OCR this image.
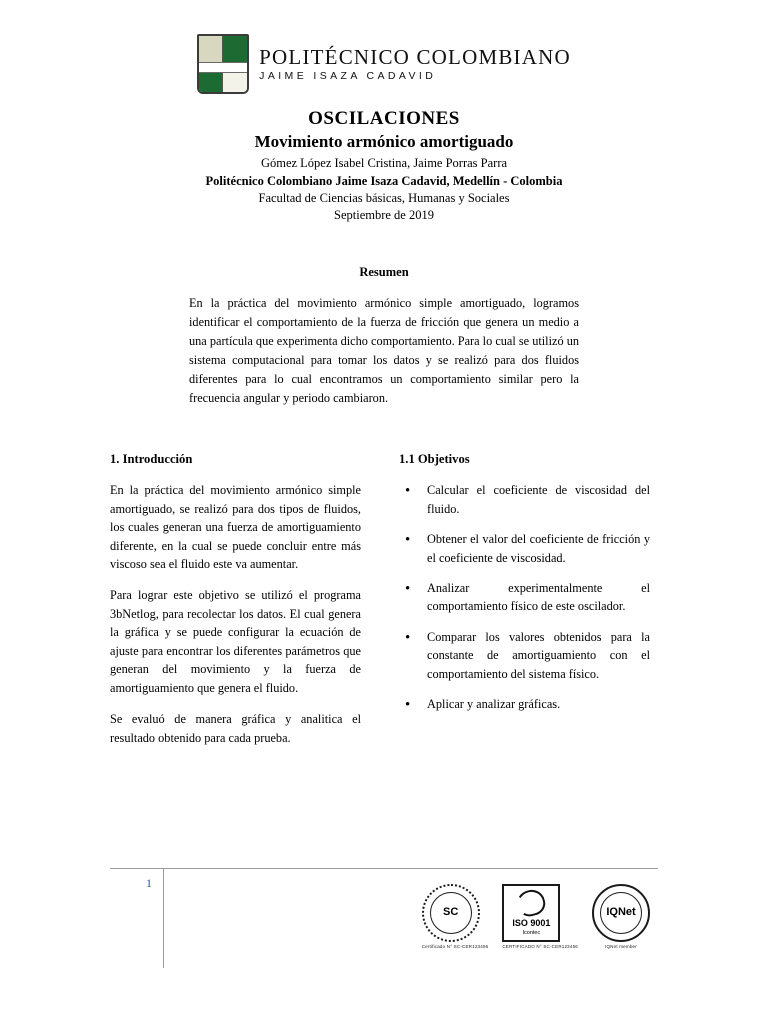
POLITÉCNICO COLOMBIANO
JAIME ISAZA CADAVID
OSCILACIONES
Movimiento armónico amortiguado
Gómez López Isabel Cristina, Jaime Porras Parra
Politécnico Colombiano Jaime Isaza Cadavid, Medellín - Colombia
Facultad de Ciencias básicas, Humanas y Sociales
Septiembre de 2019
Resumen
En la práctica del movimiento armónico simple amortiguado, logramos identificar el comportamiento de la fuerza de fricción que genera un medio a una partícula que experimenta dicho comportamiento. Para lo cual se utilizó un sistema computacional para tomar los datos y se realizó para dos fluidos diferentes para lo cual encontramos un comportamiento similar pero la frecuencia angular y periodo cambiaron.
1. Introducción

En la práctica del movimiento armónico simple amortiguado, se realizó para dos tipos de fluidos, los cuales generan una fuerza de amortiguamiento diferente, en la cual se puede concluir entre más viscoso sea el fluido este va aumentar.

Para lograr este objetivo se utilizó el programa 3bNetlog, para recolectar los datos. El cual genera la gráfica y se puede configurar la ecuación de ajuste para encontrar los diferentes parámetros que generan del movimiento y la fuerza de amortiguamiento que genera el fluido.

Se evaluó de manera gráfica y analitica el resultado obtenido para cada prueba.

1.1 Objetivos
• Calcular el coeficiente de viscosidad del fluido.
• Obtener el valor del coeficiente de fricción y el coeficiente de viscosidad.
• Analizar experimentalmente el comportamiento físico de este oscilador.
• Comparar los valores obtenidos para la constante de amortiguamiento con el comportamiento del sistema físico.
• Aplicar y analizar gráficas.
1
SC
Certificado N° SC-CER123456
ISO 9001
Icontec
CERTIFICADO N° SC-CER123456
IQNet
IQNet member
